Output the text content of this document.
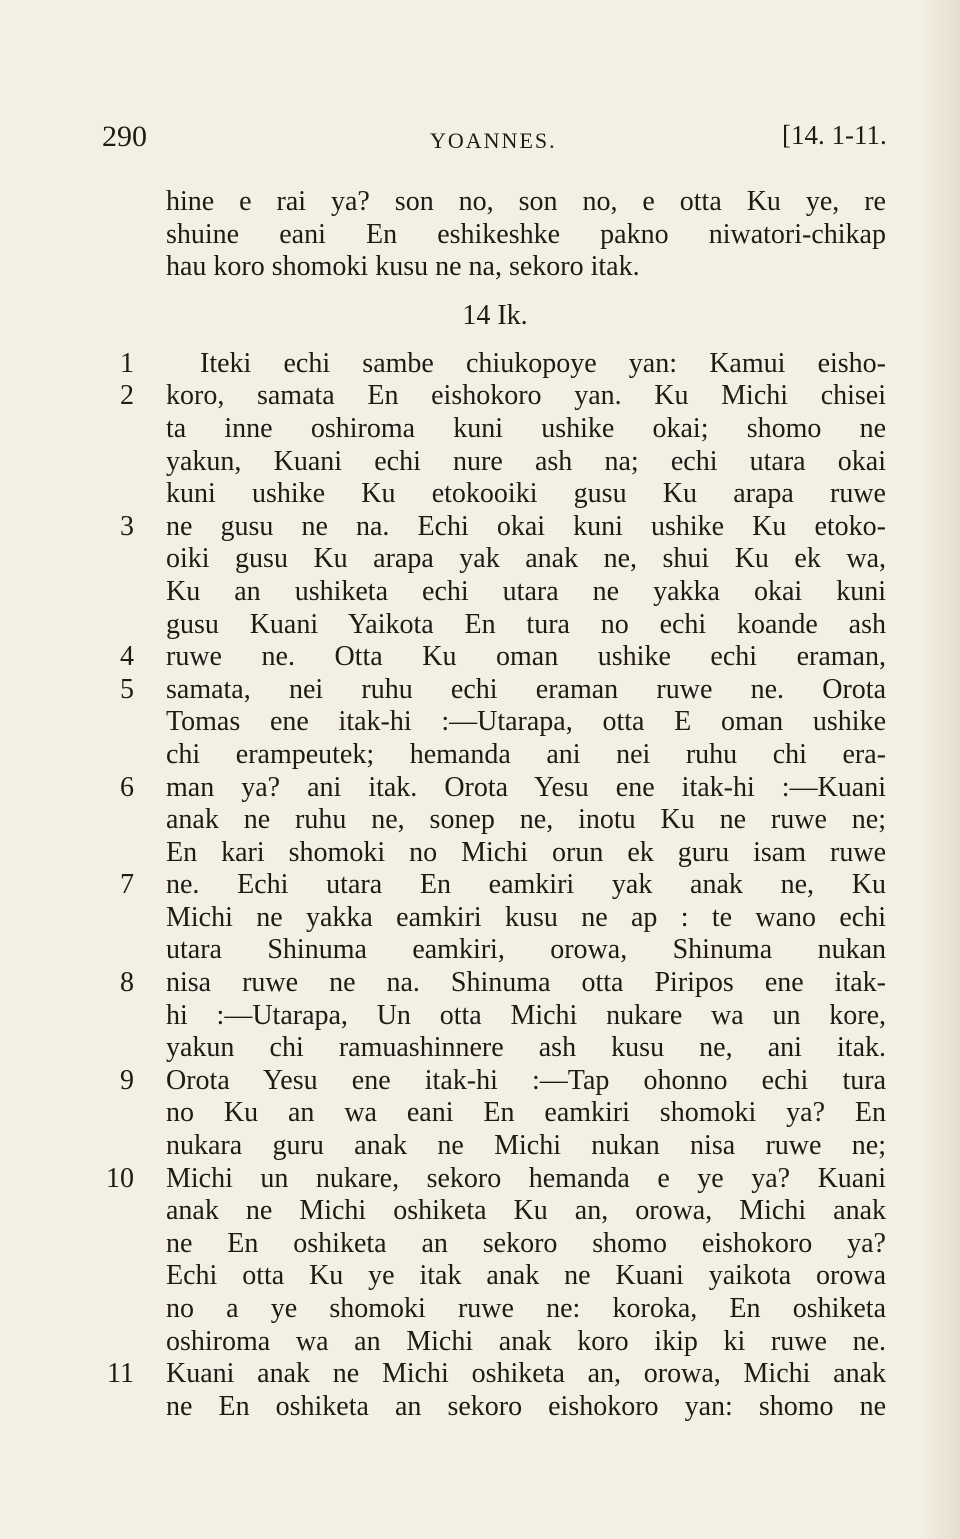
290	YOANNES.	[14. 1-11.
hine e rai ya? son no, son no, e otta Ku ye, re
shuine eani En eshikeshke pakno niwatori-chikap
hau koro shomoki kusu ne na, sekoro itak.
14 Ik.
1 Iteki echi sambe chiukopoye yan: Kamui eisho-
2 koro, samata En eishokoro yan. Ku Michi chisei
ta inne oshiroma kuni ushike okai; shomo ne
yakun, Kuani echi nure ash na; echi utara okai
kuni ushike Ku etokooiki gusu Ku arapa ruwe
3 ne gusu ne na. Echi okai kuni ushike Ku etoko-
oiki gusu Ku arapa yak anak ne, shui Ku ek wa,
Ku an ushiketa echi utara ne yakka okai kuni
gusu Kuani Yaikota En tura no echi koande ash
4 ruwe ne. Otta Ku oman ushike echi eraman,
5 samata, nei ruhu echi eraman ruwe ne. Orota
Tomas ene itak-hi :—Utarapa, otta E oman ushike
chi erampeutek; hemanda ani nei ruhu chi era-
6 man ya? ani itak. Orota Yesu ene itak-hi :—Kuani
anak ne ruhu ne, sonep ne, inotu Ku ne ruwe ne;
En kari shomoki no Michi orun ek guru isam ruwe
7 ne. Echi utara En eamkiri yak anak ne, Ku
Michi ne yakka eamkiri kusu ne ap : te wano echi
utara Shinuma eamkiri, orowa, Shinuma nukan
8 nisa ruwe ne na. Shinuma otta Piripos ene itak-
hi :—Utarapa, Un otta Michi nukare wa un kore,
yakun chi ramuashinnere ash kusu ne, ani itak.
9 Orota Yesu ene itak-hi :—Tap ohonno echi tura
no Ku an wa eani En eamkiri shomoki ya? En
nukara guru anak ne Michi nukan nisa ruwe ne;
10 Michi un nukare, sekoro hemanda e ye ya? Kuani
anak ne Michi oshiketa Ku an, orowa, Michi anak
ne En oshiketa an sekoro shomo eishokoro ya?
Echi otta Ku ye itak anak ne Kuani yaikota orowa
no a ye shomoki ruwe ne: koroka, En oshiketa
oshiroma wa an Michi anak koro ikip ki ruwe ne.
11 Kuani anak ne Michi oshiketa an, orowa, Michi anak
ne En oshiketa an sekoro eishokoro yan: shomo ne
